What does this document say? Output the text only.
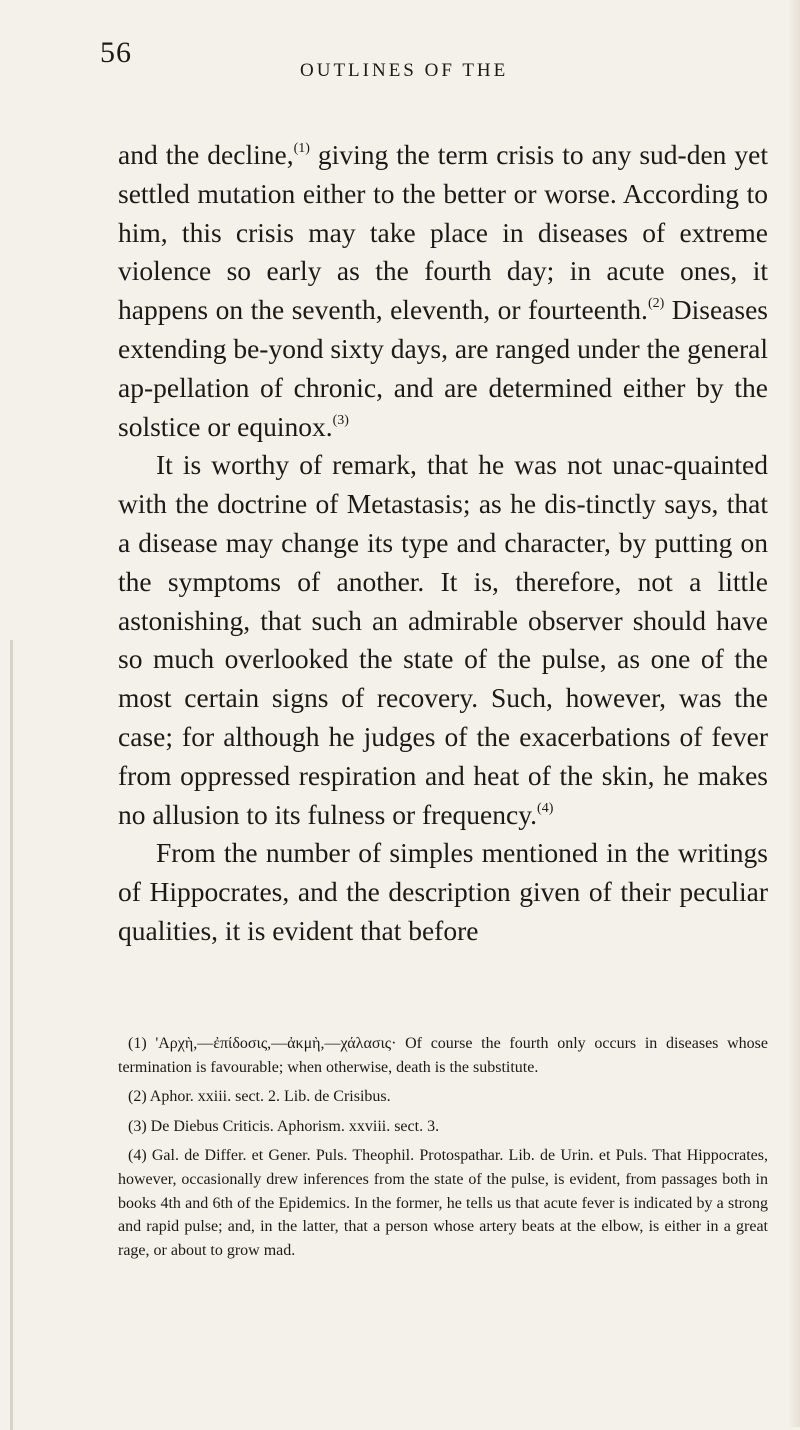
56
OUTLINES OF THE

and the decline,$^{(1)}$ giving the term crisis to any sud-den yet settled mutation either to the better or worse. According to him, this crisis may take place in diseases of extreme violence so early as the fourth day; in acute ones, it happens on the seventh, eleventh, or fourteenth.$^{(2)}$ Diseases extending be-yond sixty days, are ranged under the general ap-pellation of chronic, and are determined either by the solstice or equinox.$^{(3)}$

It is worthy of remark, that he was not unac-quainted with the doctrine of Metastasis; as he dis-tinctly says, that a disease may change its type and character, by putting on the symptoms of another. It is, therefore, not a little astonishing, that such an admirable observer should have so much overlooked the state of the pulse, as one of the most certain signs of recovery. Such, however, was the case; for although he judges of the exacerbations of fever from oppressed respiration and heat of the skin, he makes no allusion to its fulness or frequency.$^{(4)}$

From the number of simples mentioned in the writings of Hippocrates, and the description given of their peculiar qualities, it is evident that before

(1) 'Αρχὴ,—ἐπίδοσις,—ἀκμὴ,—χάλασις· Of course the fourth only occurs in diseases whose termination is favourable; when otherwise, death is the substitute.

(2) Aphor. xxiii. sect. 2. Lib. de Crisibus.

(3) De Diebus Criticis. Aphorism. xxviii. sect. 3.

(4) Gal. de Differ. et Gener. Puls. Theophil. Protospathar. Lib. de Urin. et Puls. That Hippocrates, however, occasionally drew inferences from the state of the pulse, is evident, from passages both in books 4th and 6th of the Epidemics. In the former, he tells us that acute fever is indicated by a strong and rapid pulse; and, in the latter, that a person whose artery beats at the elbow, is either in a great rage, or about to grow mad.
